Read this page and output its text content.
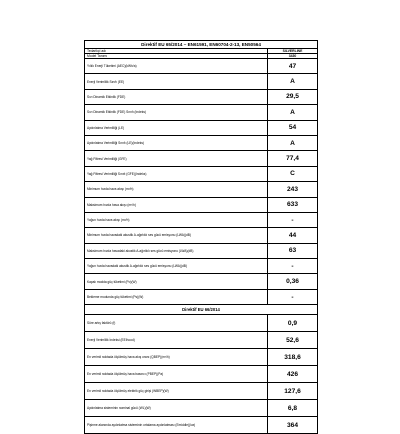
Direktif EU 65/2014 – EN61591, EN60704-2-13, EN50564	
Tedarikçi adı	SILVERLINE
Model Tanımı	3430
Yıllık Enerji Tüketimi (AEC)(kWh/a)	47
Enerji Verimlilik Sınıfı (EE)	A
Sıvı Dinamik Etkinlik (FDE)	29,5
Sıvı Dinamik Etkinlik (FDE) Sınıfı (Indeks)	A
Aydınlatma Verimliliği (LE)	54
Aydınlatma Verimliliği Sınıfı (LE)(Indeks)	A
Yağ Filtresi Verimliliği (GFE)	77,4
Yağ Filtresi Verimliliği Sınıfı (GFE)(Indeks)	C
Minimum hızda hava akışı (m³/h)	243
Maksimum hızda hava akışı (m³/h)	633
Yoğun hızda hava akışı (m³/h)	-
Minimum hızda havadaki akustik A-ağırlıklı ses gücü emisyonu (LWA)(dB)	44
Maksimum hızda havadaki akustik A-ağırlıklı ses gücü emisyonu (LWA)(dB)	63
Yoğun hızda havadaki akustik A-ağırlıklı ses gücü emisyonu (LWA)(dB)	-
Kapalı modda güç tüketimi (Po)(W)	0,36
Bekleme modunda güç tüketimi (Ps)(W)	-
Direktif EU 66/2014	
Süre artış faktörü (f)	0,9
Enerji Verimlilik İndeksi (EEIhood)	52,6
En verimli noktada ölçülmüş hava akış oranı (QBEP)(m³/h)	318,6
En verimli noktada ölçülmüş hava basıncı (PBEP)(Pa)	426
En verimli noktada ölçülmüş elektrik güç girişi (WBEP)(W)	127,6
Aydınlatma sisteminin nominal gücü (WL)(W)	6,8
Pişirme alanında aydınlatma sisteminin ortalama aydınlatması (Emiddle)(lux)	364
